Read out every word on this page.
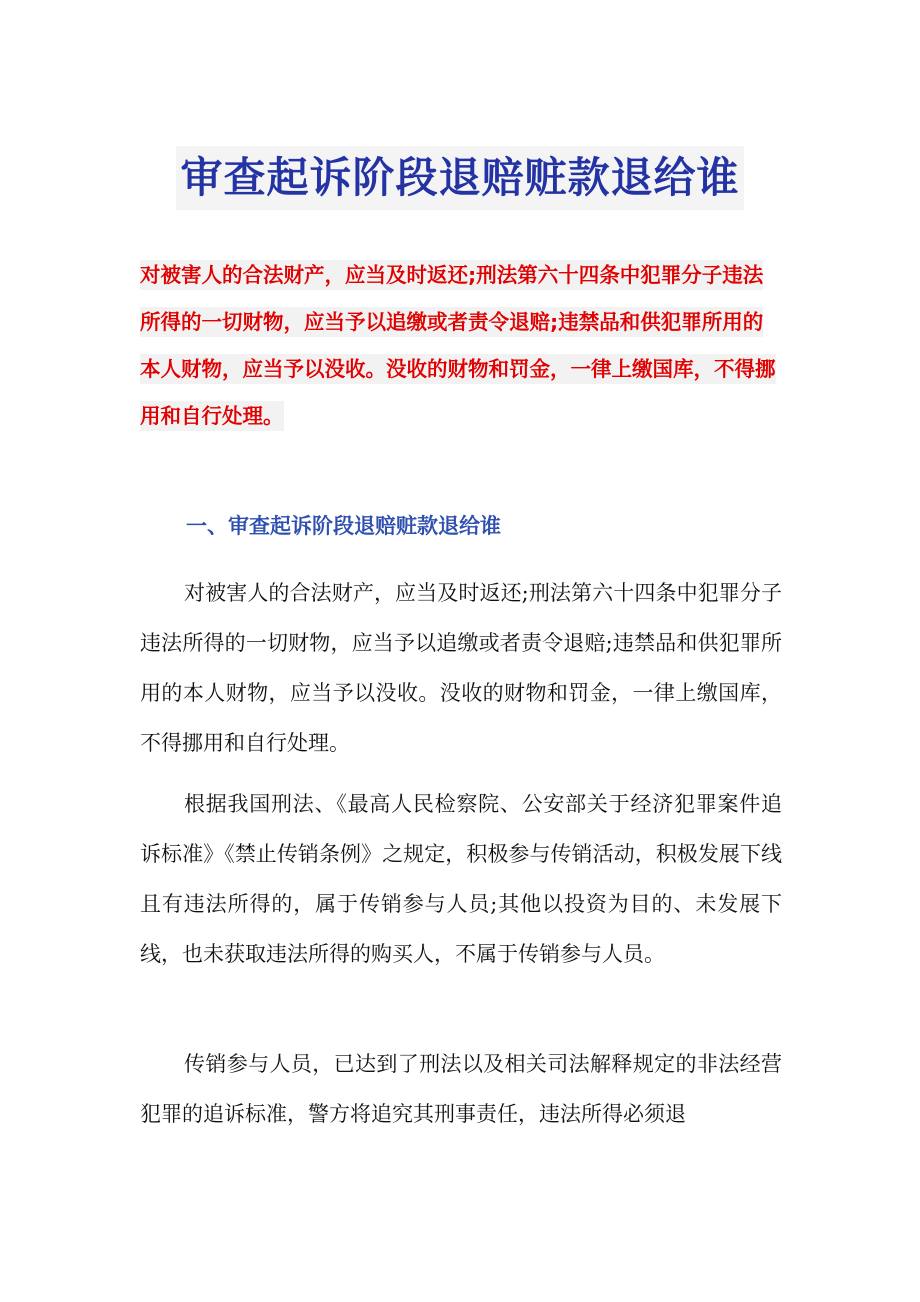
审查起诉阶段退赔赃款退给谁

对被害人的合法财产，应当及时返还;刑法第六十四条中犯罪分子违法所得的一切财物，应当予以追缴或者责令退赔;违禁品和供犯罪所用的本人财物，应当予以没收。没收的财物和罚金，一律上缴国库，不得挪用和自行处理。

一、审查起诉阶段退赔赃款退给谁

对被害人的合法财产，应当及时返还;刑法第六十四条中犯罪分子违法所得的一切财物，应当予以追缴或者责令退赔;违禁品和供犯罪所用的本人财物，应当予以没收。没收的财物和罚金，一律上缴国库，不得挪用和自行处理。

根据我国刑法、《最高人民检察院、公安部关于经济犯罪案件追诉标准》《禁止传销条例》之规定，积极参与传销活动，积极发展下线且有违法所得的，属于传销参与人员;其他以投资为目的、未发展下线，也未获取违法所得的购买人，不属于传销参与人员。

传销参与人员，已达到了刑法以及相关司法解释规定的非法经营犯罪的追诉标准，警方将追究其刑事责任，违法所得必须退
